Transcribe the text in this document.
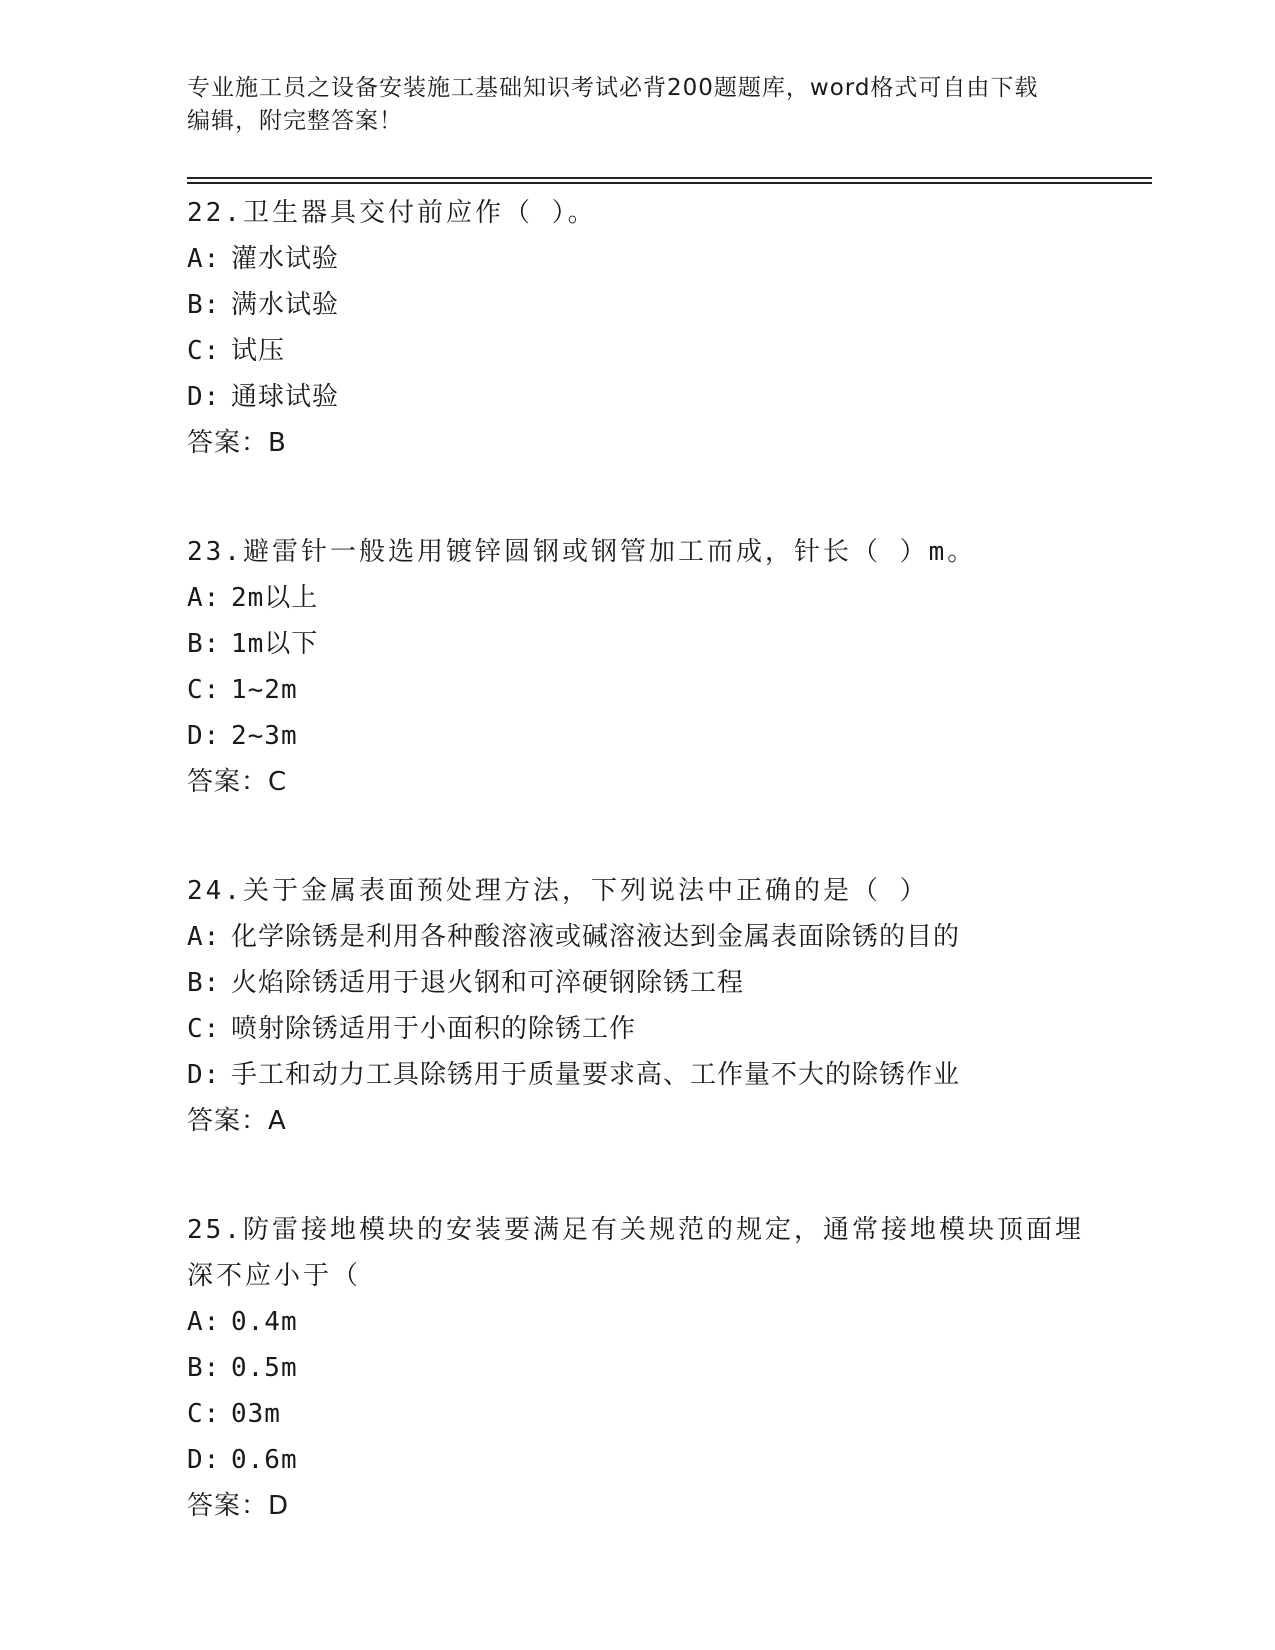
专业施工员之设备安装施工基础知识考试必背200题题库，word格式可自由下载
编辑，附完整答案！
22.卫生器具交付前应作（ ）。
A: 灌水试验
B: 满水试验
C: 试压
D: 通球试验
答案：B
23.避雷针一般选用镀锌圆钢或钢管加工而成，针长（ ）m。
A: 2m以上
B: 1m以下
C: 1~2m
D: 2~3m
答案：C
24.关于金属表面预处理方法，下列说法中正确的是（ ）
A: 化学除锈是利用各种酸溶液或碱溶液达到金属表面除锈的目的
B: 火焰除锈适用于退火钢和可淬硬钢除锈工程
C: 喷射除锈适用于小面积的除锈工作
D: 手工和动力工具除锈用于质量要求高、工作量不大的除锈作业
答案：A
25.防雷接地模块的安装要满足有关规范的规定，通常接地模块顶面埋
深不应小于（
A: 0.4m
B: 0.5m
C: 03m
D: 0.6m
答案：D
